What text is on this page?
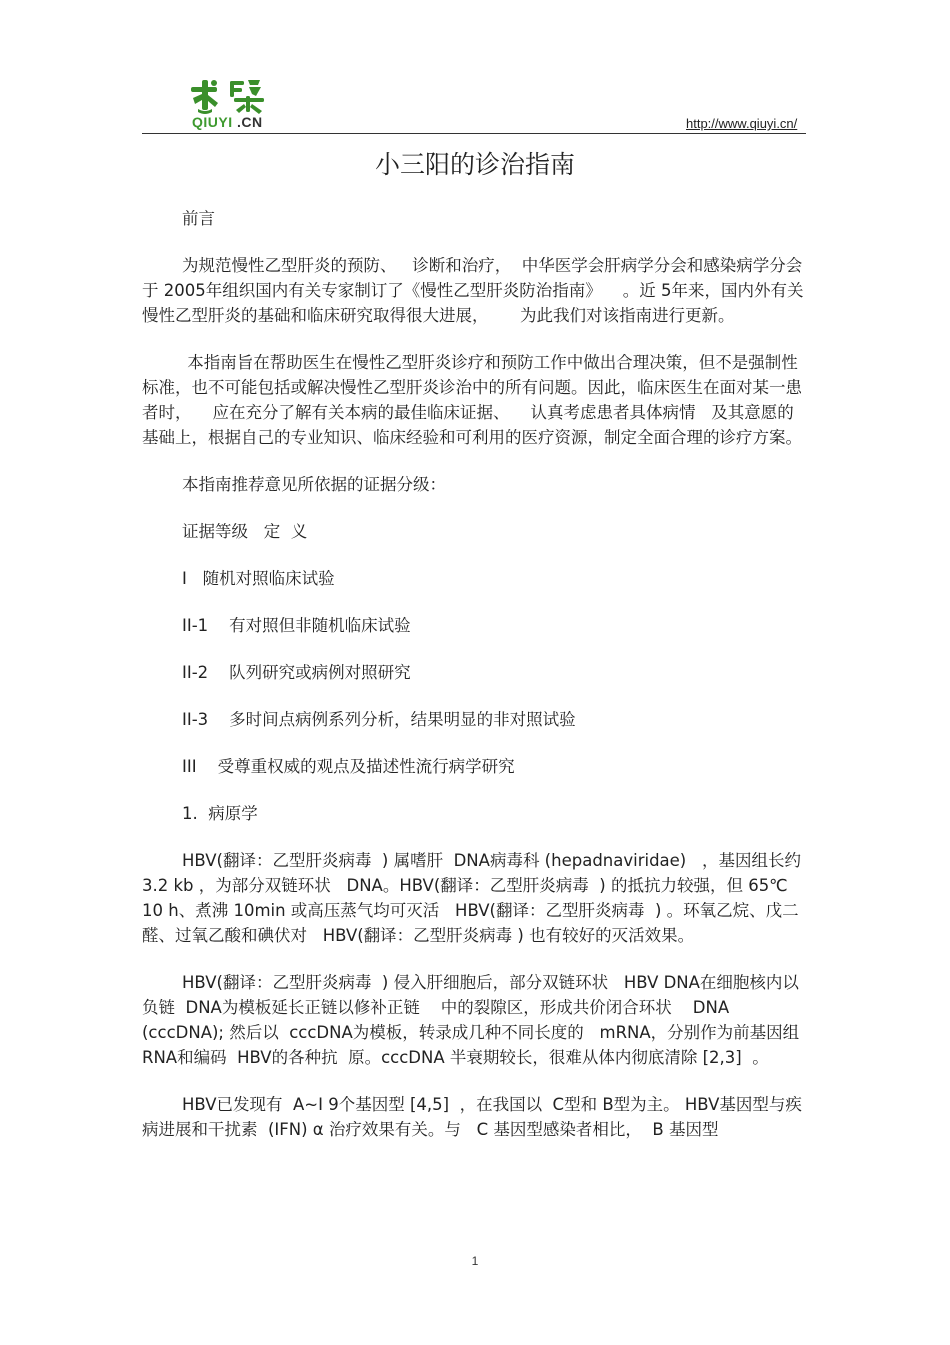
QIUYI .CN	http://www.qiuyi.cn/
小三阳的诊治指南

前言

为规范慢性乙型肝炎的预防、   诊断和治疗，  中华医学会肝病学分会和感染病学分会于 2005年组织国内有关专家制订了《慢性乙型肝炎防治指南》    。近 5年来，国内外有关慢性乙型肝炎的基础和临床研究取得很大进展，      为此我们对该指南进行更新。

本指南旨在帮助医生在慢性乙型肝炎诊疗和预防工作中做出合理决策，但不是强制性标准，也不可能包括或解决慢性乙型肝炎诊治中的所有问题。因此，临床医生在面对某一患者时，    应在充分了解有关本病的最佳临床证据、    认真考虑患者具体病情   及其意愿的基础上，根据自己的专业知识、临床经验和可利用的医疗资源，制定全面合理的诊疗方案。

本指南推荐意见所依据的证据分级：

证据等级   定  义

I   随机对照临床试验

II-1    有对照但非随机临床试验

II-2    队列研究或病例对照研究

II-3    多时间点病例系列分析，结果明显的非对照试验

III    受尊重权威的观点及描述性流行病学研究

1.  病原学

HBV(翻译：乙型肝炎病毒  ) 属嗜肝  DNA病毒科 (hepadnaviridae)   ，基因组长约3.2 kb ，为部分双链环状   DNA。HBV(翻译：乙型肝炎病毒  ) 的抵抗力较强，但 65℃ 10 h、煮沸 10min 或高压蒸气均可灭活   HBV(翻译：乙型肝炎病毒  ) 。环氧乙烷、戊二醛、过氧乙酸和碘伏对   HBV(翻译：乙型肝炎病毒 ) 也有较好的灭活效果。

HBV(翻译：乙型肝炎病毒  ) 侵入肝细胞后，部分双链环状   HBV DNA在细胞核内以负链  DNA为模板延长正链以修补正链    中的裂隙区，形成共价闭合环状    DNA (cccDNA); 然后以  cccDNA为模板，转录成几种不同长度的   mRNA，分别作为前基因组  RNA和编码  HBV的各种抗  原。cccDNA 半衰期较长，很难从体内彻底清除 [2,3]  。

HBV已发现有  A~I 9个基因型 [4,5]  ，在我国以  C型和 B型为主。 HBV基因型与疾病进展和干扰素  (IFN) α 治疗效果有关。与   C 基因型感染者相比，  B 基因型

1
